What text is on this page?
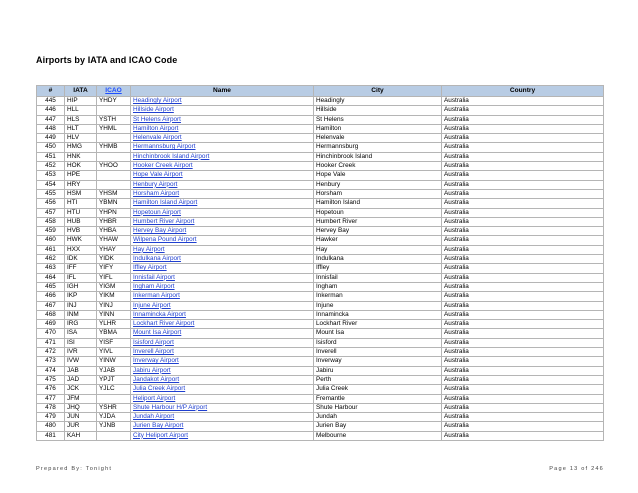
Airports by IATA and ICAO Code
#	IATA	ICAO	Name	City	Country
445	HIP	YHDY	Headingly Airport	Headingly	Australia
446	HLL		Hillside Airport	Hillside	Australia
447	HLS	YSTH	St Helens Airport	St Helens	Australia
448	HLT	YHML	Hamilton Airport	Hamilton	Australia
449	HLV		Helenvale Airport	Helenvale	Australia
450	HMG	YHMB	Hermannsburg Airport	Hermannsburg	Australia
451	HNK		Hinchinbrook Island Airport	Hinchinbrook Island	Australia
452	HOK	YHOO	Hooker Creek Airport	Hooker Creek	Australia
453	HPE		Hope Vale Airport	Hope Vale	Australia
454	HRY		Henbury Airport	Henbury	Australia
455	HSM	YHSM	Horsham Airport	Horsham	Australia
456	HTI	YBMN	Hamilton Island Airport	Hamilton Island	Australia
457	HTU	YHPN	Hopetoun Airport	Hopetoun	Australia
458	HUB	YHBR	Humbert River Airport	Humbert River	Australia
459	HVB	YHBA	Hervey Bay Airport	Hervey Bay	Australia
460	HWK	YHAW	Wilpena Pound Airport	Hawker	Australia
461	HXX	YHAY	Hay Airport	Hay	Australia
462	IDK	YIDK	Indulkana Airport	Indulkana	Australia
463	IFF	YIFY	Iffley Airport	Iffley	Australia
464	IFL	YIFL	Innisfail Airport	Innisfail	Australia
465	IGH	YIGM	Ingham Airport	Ingham	Australia
466	IKP	YIKM	Inkerman Airport	Inkerman	Australia
467	INJ	YINJ	Injune Airport	Injune	Australia
468	INM	YINN	Innamincka Airport	Innamincka	Australia
469	IRG	YLHR	Lockhart River Airport	Lockhart River	Australia
470	ISA	YBMA	Mount Isa Airport	Mount Isa	Australia
471	ISI	YISF	Isisford Airport	Isisford	Australia
472	IVR	YIVL	Inverell Airport	Inverell	Australia
473	IVW	YINW	Inverway Airport	Inverway	Australia
474	JAB	YJAB	Jabiru Airport	Jabiru	Australia
475	JAD	YPJT	Jandakot Airport	Perth	Australia
476	JCK	YJLC	Julia Creek Airport	Julia Creek	Australia
477	JFM		Heliport Airport	Fremantle	Australia
478	JHQ	YSHR	Shute Harbour H/P Airport	Shute Harbour	Australia
479	JUN	YJDA	Jundah Airport	Jundah	Australia
480	JUR	YJNB	Jurien Bay Airport	Jurien Bay	Australia
481	KAH		City Heliport Airport	Melbourne	Australia
Prepared By: Tonight	Page 13 of 246
